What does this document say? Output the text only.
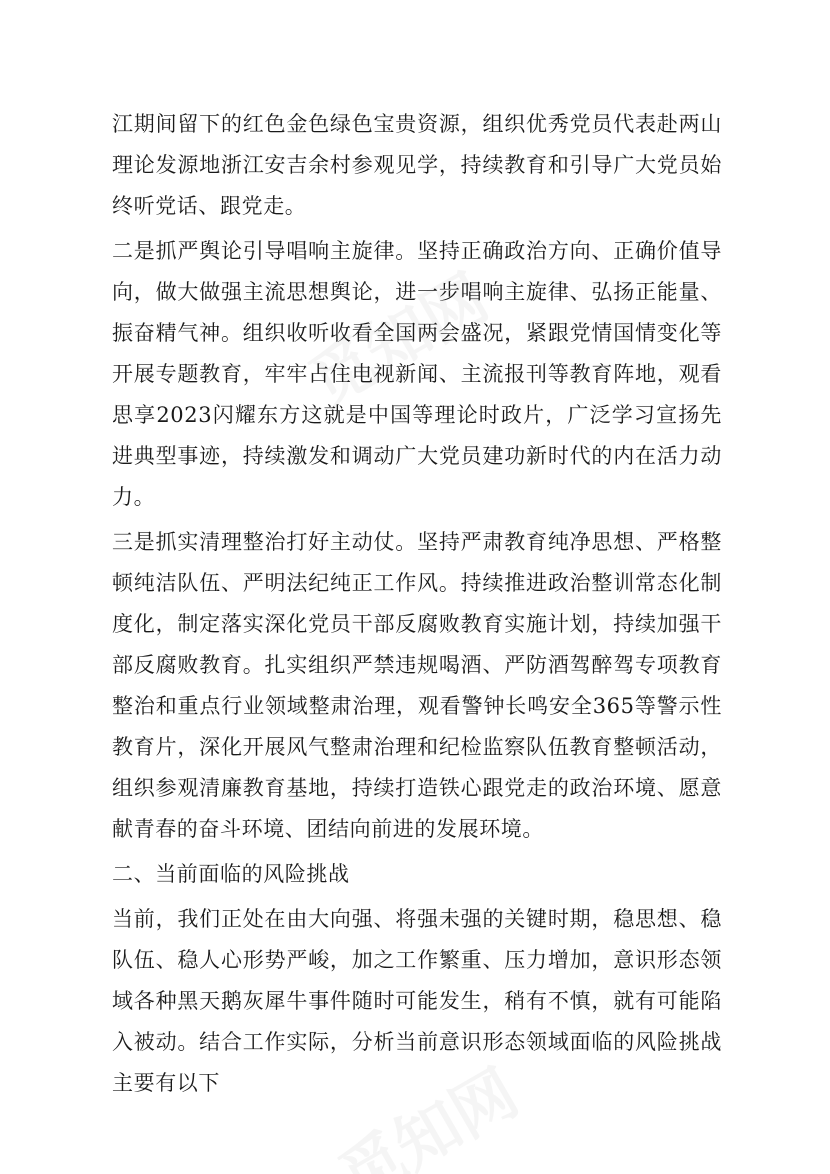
江期间留下的红色金色绿色宝贵资源，组织优秀党员代表赴两山理论发源地浙江安吉余村参观见学，持续教育和引导广大党员始终听党话、跟党走。

二是抓严舆论引导唱响主旋律。坚持正确政治方向、正确价值导向，做大做强主流思想舆论，进一步唱响主旋律、弘扬正能量、振奋精气神。组织收听收看全国两会盛况，紧跟党情国情变化等开展专题教育，牢牢占住电视新闻、主流报刊等教育阵地，观看思享2023闪耀东方这就是中国等理论时政片，广泛学习宣扬先进典型事迹，持续激发和调动广大党员建功新时代的内在活力动力。

三是抓实清理整治打好主动仗。坚持严肃教育纯净思想、严格整顿纯洁队伍、严明法纪纯正工作风。持续推进政治整训常态化制度化，制定落实深化党员干部反腐败教育实施计划，持续加强干部反腐败教育。扎实组织严禁违规喝酒、严防酒驾醉驾专项教育整治和重点行业领域整肃治理，观看警钟长鸣安全365等警示性教育片，深化开展风气整肃治理和纪检监察队伍教育整顿活动，组织参观清廉教育基地，持续打造铁心跟党走的政治环境、愿意献青春的奋斗环境、团结向前进的发展环境。

二、当前面临的风险挑战

当前，我们正处在由大向强、将强未强的关键时期，稳思想、稳队伍、稳人心形势严峻，加之工作繁重、压力增加，意识形态领域各种黑天鹅灰犀牛事件随时可能发生，稍有不慎，就有可能陷入被动。结合工作实际，分析当前意识形态领域面临的风险挑战主要有以下
